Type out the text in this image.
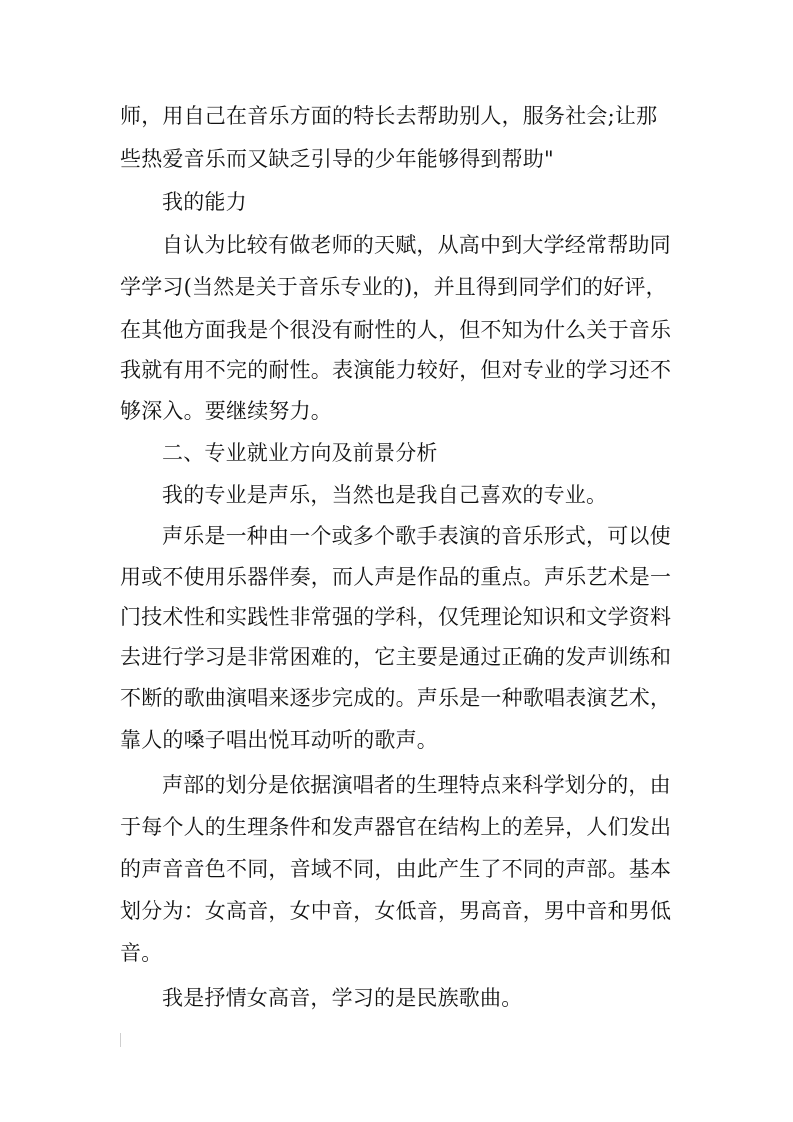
师，用自己在音乐方面的特长去帮助别人，服务社会;让那
些热爱音乐而又缺乏引导的少年能够得到帮助"
我的能力
自认为比较有做老师的天赋，从高中到大学经常帮助同
学学习(当然是关于音乐专业的)，并且得到同学们的好评，
在其他方面我是个很没有耐性的人，但不知为什么关于音乐
我就有用不完的耐性。表演能力较好，但对专业的学习还不
够深入。要继续努力。
二、专业就业方向及前景分析
我的专业是声乐，当然也是我自己喜欢的专业。
声乐是一种由一个或多个歌手表演的音乐形式，可以使
用或不使用乐器伴奏，而人声是作品的重点。声乐艺术是一
门技术性和实践性非常强的学科，仅凭理论知识和文学资料
去进行学习是非常困难的，它主要是通过正确的发声训练和
不断的歌曲演唱来逐步完成的。声乐是一种歌唱表演艺术，
靠人的嗓子唱出悦耳动听的歌声。
声部的划分是依据演唱者的生理特点来科学划分的，由
于每个人的生理条件和发声器官在结构上的差异，人们发出
的声音音色不同，音域不同，由此产生了不同的声部。基本
划分为：女高音，女中音，女低音，男高音，男中音和男低
音。
我是抒情女高音，学习的是民族歌曲。
